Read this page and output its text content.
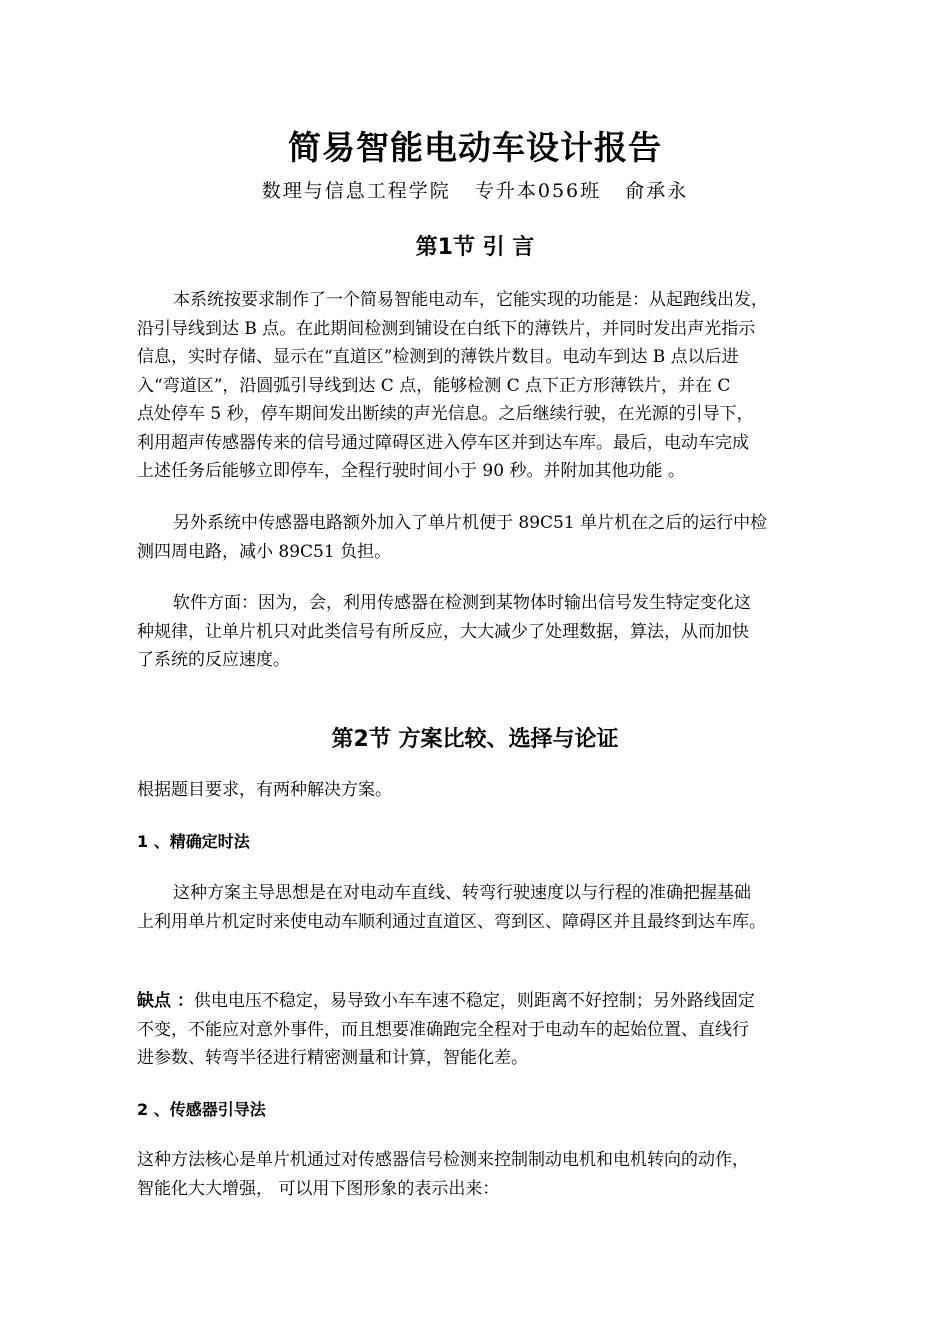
简易智能电动车设计报告
数理与信息工程学院   专升本056班   俞承永
第1节 引 言
本系统按要求制作了一个简易智能电动车，它能实现的功能是：从起跑线出发，
沿引导线到达 B 点。在此期间检测到铺设在白纸下的薄铁片，并同时发出声光指示
信息，实时存储、显示在“直道区”检测到的薄铁片数目。电动车到达 B 点以后进
入“弯道区”，沿圆弧引导线到达 C 点，能够检测 C 点下正方形薄铁片，并在 C
点处停车 5 秒，停车期间发出断续的声光信息。之后继续行驶，在光源的引导下，
利用超声传感器传来的信号通过障碍区进入停车区并到达车库。最后，电动车完成
上述任务后能够立即停车，全程行驶时间小于 90 秒。并附加其他功能 。
另外系统中传感器电路额外加入了单片机便于 89C51 单片机在之后的运行中检
测四周电路，减小 89C51 负担。
软件方面：因为，会，利用传感器在检测到某物体时输出信号发生特定变化这
种规律，让单片机只对此类信号有所反应，大大减少了处理数据，算法，从而加快
了系统的反应速度。
第2节 方案比较、选择与论证
根据题目要求，有两种解决方案。
1 、精确定时法
这种方案主导思想是在对电动车直线、转弯行驶速度以与行程的准确把握基础
上利用单片机定时来使电动车顺利通过直道区、弯到区、障碍区并且最终到达车库。
缺点 ：供电电压不稳定，易导致小车车速不稳定，则距离不好控制；另外路线固定
不变，不能应对意外事件，而且想要准确跑完全程对于电动车的起始位置、直线行
进参数、转弯半径进行精密测量和计算，智能化差。
2 、传感器引导法
这种方法核心是单片机通过对传感器信号检测来控制制动电机和电机转向的动作，
智能化大大增强， 可以用下图形象的表示出来：
